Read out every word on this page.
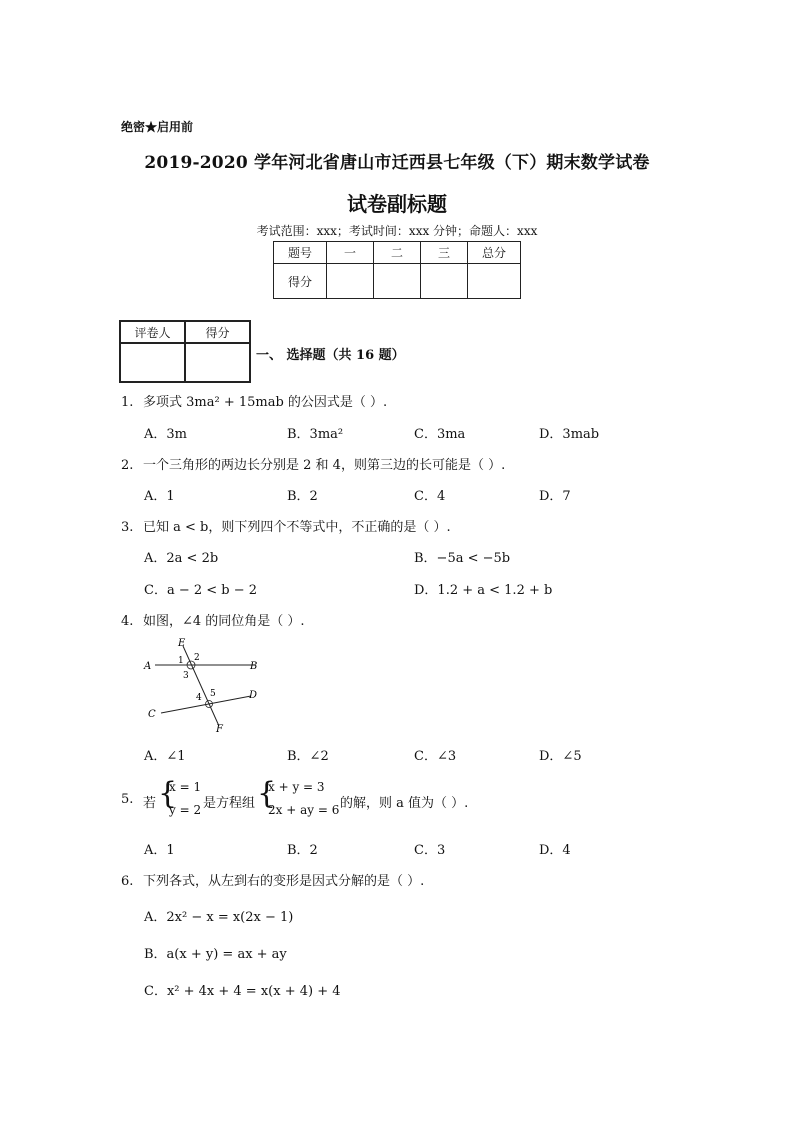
绝密★启用前
2019-2020 学年河北省唐山市迁西县七年级（下）期末数学试卷
试卷副标题
考试范围：xxx；考试时间：xxx 分钟；命题人：xxx
题号	一	二	三	总分
得分				
评卷人	得分

一、 选择题（共 16 题）
1. 多项式 3ma² + 15mab 的公因式是（ ）.
A．3m	B．3ma²	C．3ma	D．3mab
2. 一个三角形的两边长分别是 2 和 4，则第三边的长可能是（ ）.
A．1	B．2	C．4	D．7
3. 已知 a < b，则下列四个不等式中，不正确的是（ ）.
A．2a < 2b	B．−5a < −5b
C．a − 2 < b − 2	D．1.2 + a < 1.2 + b
4. 如图，∠4 的同位角是（ ）.
E
A	B
C
D
F
1 2
3
4 5
A．∠1	B．∠2	C．∠3	D．∠5
5. 若 {
x = 1
y = 2 是方程组 {
x + y = 3
2x + ay = 6 的解，则 a 值为（ ）.
A．1	B．2	C．3	D．4
6. 下列各式，从左到右的变形是因式分解的是（ ）.
A．2x² − x = x(2x − 1)
B．a(x + y) = ax + ay
C．x² + 4x + 4 = x(x + 4) + 4
